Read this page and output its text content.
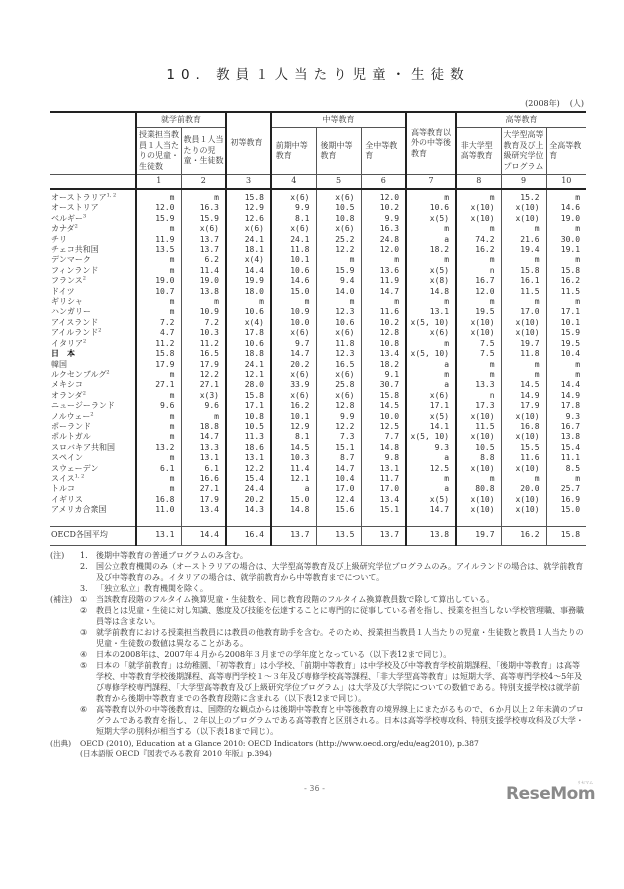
10. 教員１人当たり児童・生徒数
(2008年) (人)
	就学前教育		初等教育	中等教育			高等教育以外の中等後教育	高等教育		
	授業担当教員１人当たりの児童・生徒数	教員１人当たりの児童・生徒数		前期中等教育	後期中等教育	全中等教育		非大学型高等教育	大学型高等教育及び上級研究学位プログラム	全高等教育
	1	2	3	4	5	6	7	8	9	10
オーストラリア$^{1, 2}$	m	m	15.8	x(6)	x(6)	12.0	m	m	15.2	m
オーストリア	12.0	16.3	12.9	9.9	10.5	10.2	10.6	x(10)	x(10)	14.6
ベルギー$^3$	15.9	15.9	12.6	8.1	10.8	9.9	x(5)	x(10)	x(10)	19.0
カナダ$^2$	m	x(6)	x(6)	x(6)	x(6)	16.3	m	m	m	m
チリ	11.9	13.7	24.1	24.1	25.2	24.8	a	74.2	21.6	30.0
チェコ共和国	13.5	13.7	18.1	11.8	12.2	12.0	18.2	16.2	19.4	19.1
デンマーク	m	6.2	x(4)	10.1	m	m	m	m	m	m
フィンランド	m	11.4	14.4	10.6	15.9	13.6	x(5)	n	15.8	15.8
フランス$^2$	19.0	19.0	19.9	14.6	9.4	11.9	x(8)	16.7	16.1	16.2
ドイツ	10.7	13.8	18.0	15.0	14.0	14.7	14.8	12.0	11.5	11.5
ギリシャ	m	m	m	m	m	m	m	m	m	m
ハンガリー	m	10.9	10.6	10.9	12.3	11.6	13.1	19.5	17.0	17.1
アイスランド	7.2	7.2	x(4)	10.0	10.6	10.2	x(5, 10)	x(10)	x(10)	10.1
アイルランド$^2$	4.7	10.3	17.8	x(6)	x(6)	12.8	x(6)	x(10)	x(10)	15.9
イタリア$^2$	11.2	11.2	10.6	9.7	11.8	10.8	m	7.5	19.7	19.5
日本	15.8	16.5	18.8	14.7	12.3	13.4	x(5, 10)	7.5	11.8	10.4
韓国	17.9	17.9	24.1	20.2	16.5	18.2	a	m	m	m
ルクセンブルグ$^2$	m	12.2	12.1	x(6)	x(6)	9.1	m	m	m	m
メキシコ	27.1	27.1	28.0	33.9	25.8	30.7	a	13.3	14.5	14.4
オランダ$^2$	m	x(3)	15.8	x(6)	x(6)	15.8	x(6)	n	14.9	14.9
ニュージーランド	9.6	9.6	17.1	16.2	12.8	14.5	17.1	17.3	17.9	17.8
ノルウェー$^2$	m	m	10.8	10.1	9.9	10.0	x(5)	x(10)	x(10)	9.3
ポーランド	m	18.8	10.5	12.9	12.2	12.5	14.1	11.5	16.8	16.7
ポルトガル	m	14.7	11.3	8.1	7.3	7.7	x(5, 10)	x(10)	x(10)	13.8
スロバキア共和国	13.2	13.3	18.6	14.5	15.1	14.8	9.3	10.5	15.5	15.4
スペイン	m	13.1	13.1	10.3	8.7	9.8	a	8.8	11.6	11.1
スウェーデン	6.1	6.1	12.2	11.4	14.7	13.1	12.5	x(10)	x(10)	8.5
スイス$^{1, 2}$	m	16.6	15.4	12.1	10.4	11.7	m	m	m	m
トルコ	m	27.1	24.4	a	17.0	17.0	a	80.8	20.0	25.7
イギリス	16.8	17.9	20.2	15.0	12.4	13.4	x(5)	x(10)	x(10)	16.9
アメリカ合衆国	11.0	13.4	14.3	14.8	15.6	15.1	14.7	x(10)	x(10)	15.0

OECD各国平均	13.1	14.4	16.4	13.7	13.5	13.7	13.8	19.7	16.2	15.8
(注)	1.	後期中等教育の普通プログラムのみ含む。
2.	国公立教育機関のみ（オーストラリアの場合は、大学型高等教育及び上級研究学位プログラムのみ。アイルランドの場合は、就学前教育及び中等教育のみ。イタリアの場合は、就学前教育から中等教育までについて。
3.	「独立私立」教育機関を除く。
(補注) ①	当該教育段階のフルタイム換算児童・生徒数を、同じ教育段階のフルタイム換算教員数で除して算出している。
②	教員とは児童・生徒に対し知識、態度及び技能を伝達することに専門的に従事している者を指し、授業を担当しない学校管理職、事務職員等は含まない。
③	就学前教育における授業担当教員には教員の他教育助手を含む。そのため、授業担当教員１人当たりの児童・生徒数と教員１人当たりの児童・生徒数の数値は異なることがある。
④	日本の2008年は、2007年４月から2008年３月までの学年度となっている（以下表12まで同じ）。
⑤	日本の「就学前教育」は幼稚園、「初等教育」は小学校、「前期中等教育」は中学校及び中等教育学校前期課程、「後期中等教育」は高等学校、中等教育学校後期課程、高等専門学校１～３年及び専修学校高等課程、「非大学型高等教育」は短期大学、高等専門学校4～5年及び専修学校専門課程、「大学型高等教育及び上級研究学位プログラム」は大学及び大学院についての数値である。特別支援学校は就学前教育から後期中等教育までの各教育段階に含まれる（以下表12まで同じ）。
⑥	高等教育以外の中等後教育は、国際的な観点からは後期中等教育と中等後教育の境界線上にまたがるもので、６か月以上２年未満のプログラムである教育を指し、２年以上のプログラムである高等教育と区別される。日本は高等学校専攻科、特別支援学校専攻科及び大学・短期大学の別科が相当する（以下表18まで同じ）。
(出典)	OECD (2010), Education at a Glance 2010: OECD Indicators (http://www.oecd.org/edu/eag2010), p.387
(日本語版 OECD『図表でみる教育 2010 年版』p.394)
- 36 -	ReseMom
リセマム
